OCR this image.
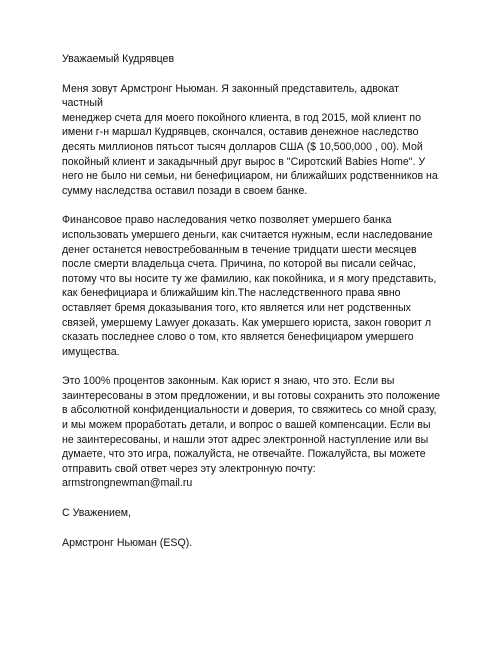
Уважаемый Кудрявцев

Меня зовут Армстронг Ньюман. Я законный представитель, адвокат частный
менеджер счета для моего покойного клиента, в год 2015, мой клиент по
имени г-н маршал Кудрявцев, скончался, оставив денежное наследство
десять миллионов пятьсот тысяч долларов США ($ 10,500,000 , 00). Мой
покойный клиент и закадычный друг вырос в "Сиротский Babies Home". У
него не было ни семьи, ни бенефициаром, ни ближайших родственников на
сумму наследства оставил позади в своем банке.

Финансовое право наследования четко позволяет умершего банка
использовать умершего деньги, как считается нужным, если наследование
денег останется невостребованным в течение тридцати шести месяцев
после смерти владельца счета. Причина, по которой вы писали сейчас,
потому что вы носите ту же фамилию, как покойника, и я могу представить,
как бенефициара и ближайшим kin.The наследственного права явно
оставляет бремя доказывания того, кто является или нет родственных
связей, умершему Lawyer доказать. Как умершего юриста, закон говорит л
сказать последнее слово о том, кто является бенефициаром умершего
имущества.

Это 100% процентов законным. Как юрист я знаю, что это. Если вы
заинтересованы в этом предложении, и вы готовы сохранить это положение
в абсолютной конфиденциальности и доверия, то свяжитесь со мной сразу,
и мы можем проработать детали, и вопрос о вашей компенсации. Если вы
не заинтересованы, и нашли этот адрес электронной наступление или вы
думаете, что это игра, пожалуйста, не отвечайте. Пожалуйста, вы можете
отправить свой ответ через эту электронную почту:
armstrongnewman@mail.ru

С Уважением,

Армстронг Ньюман (ESQ).
